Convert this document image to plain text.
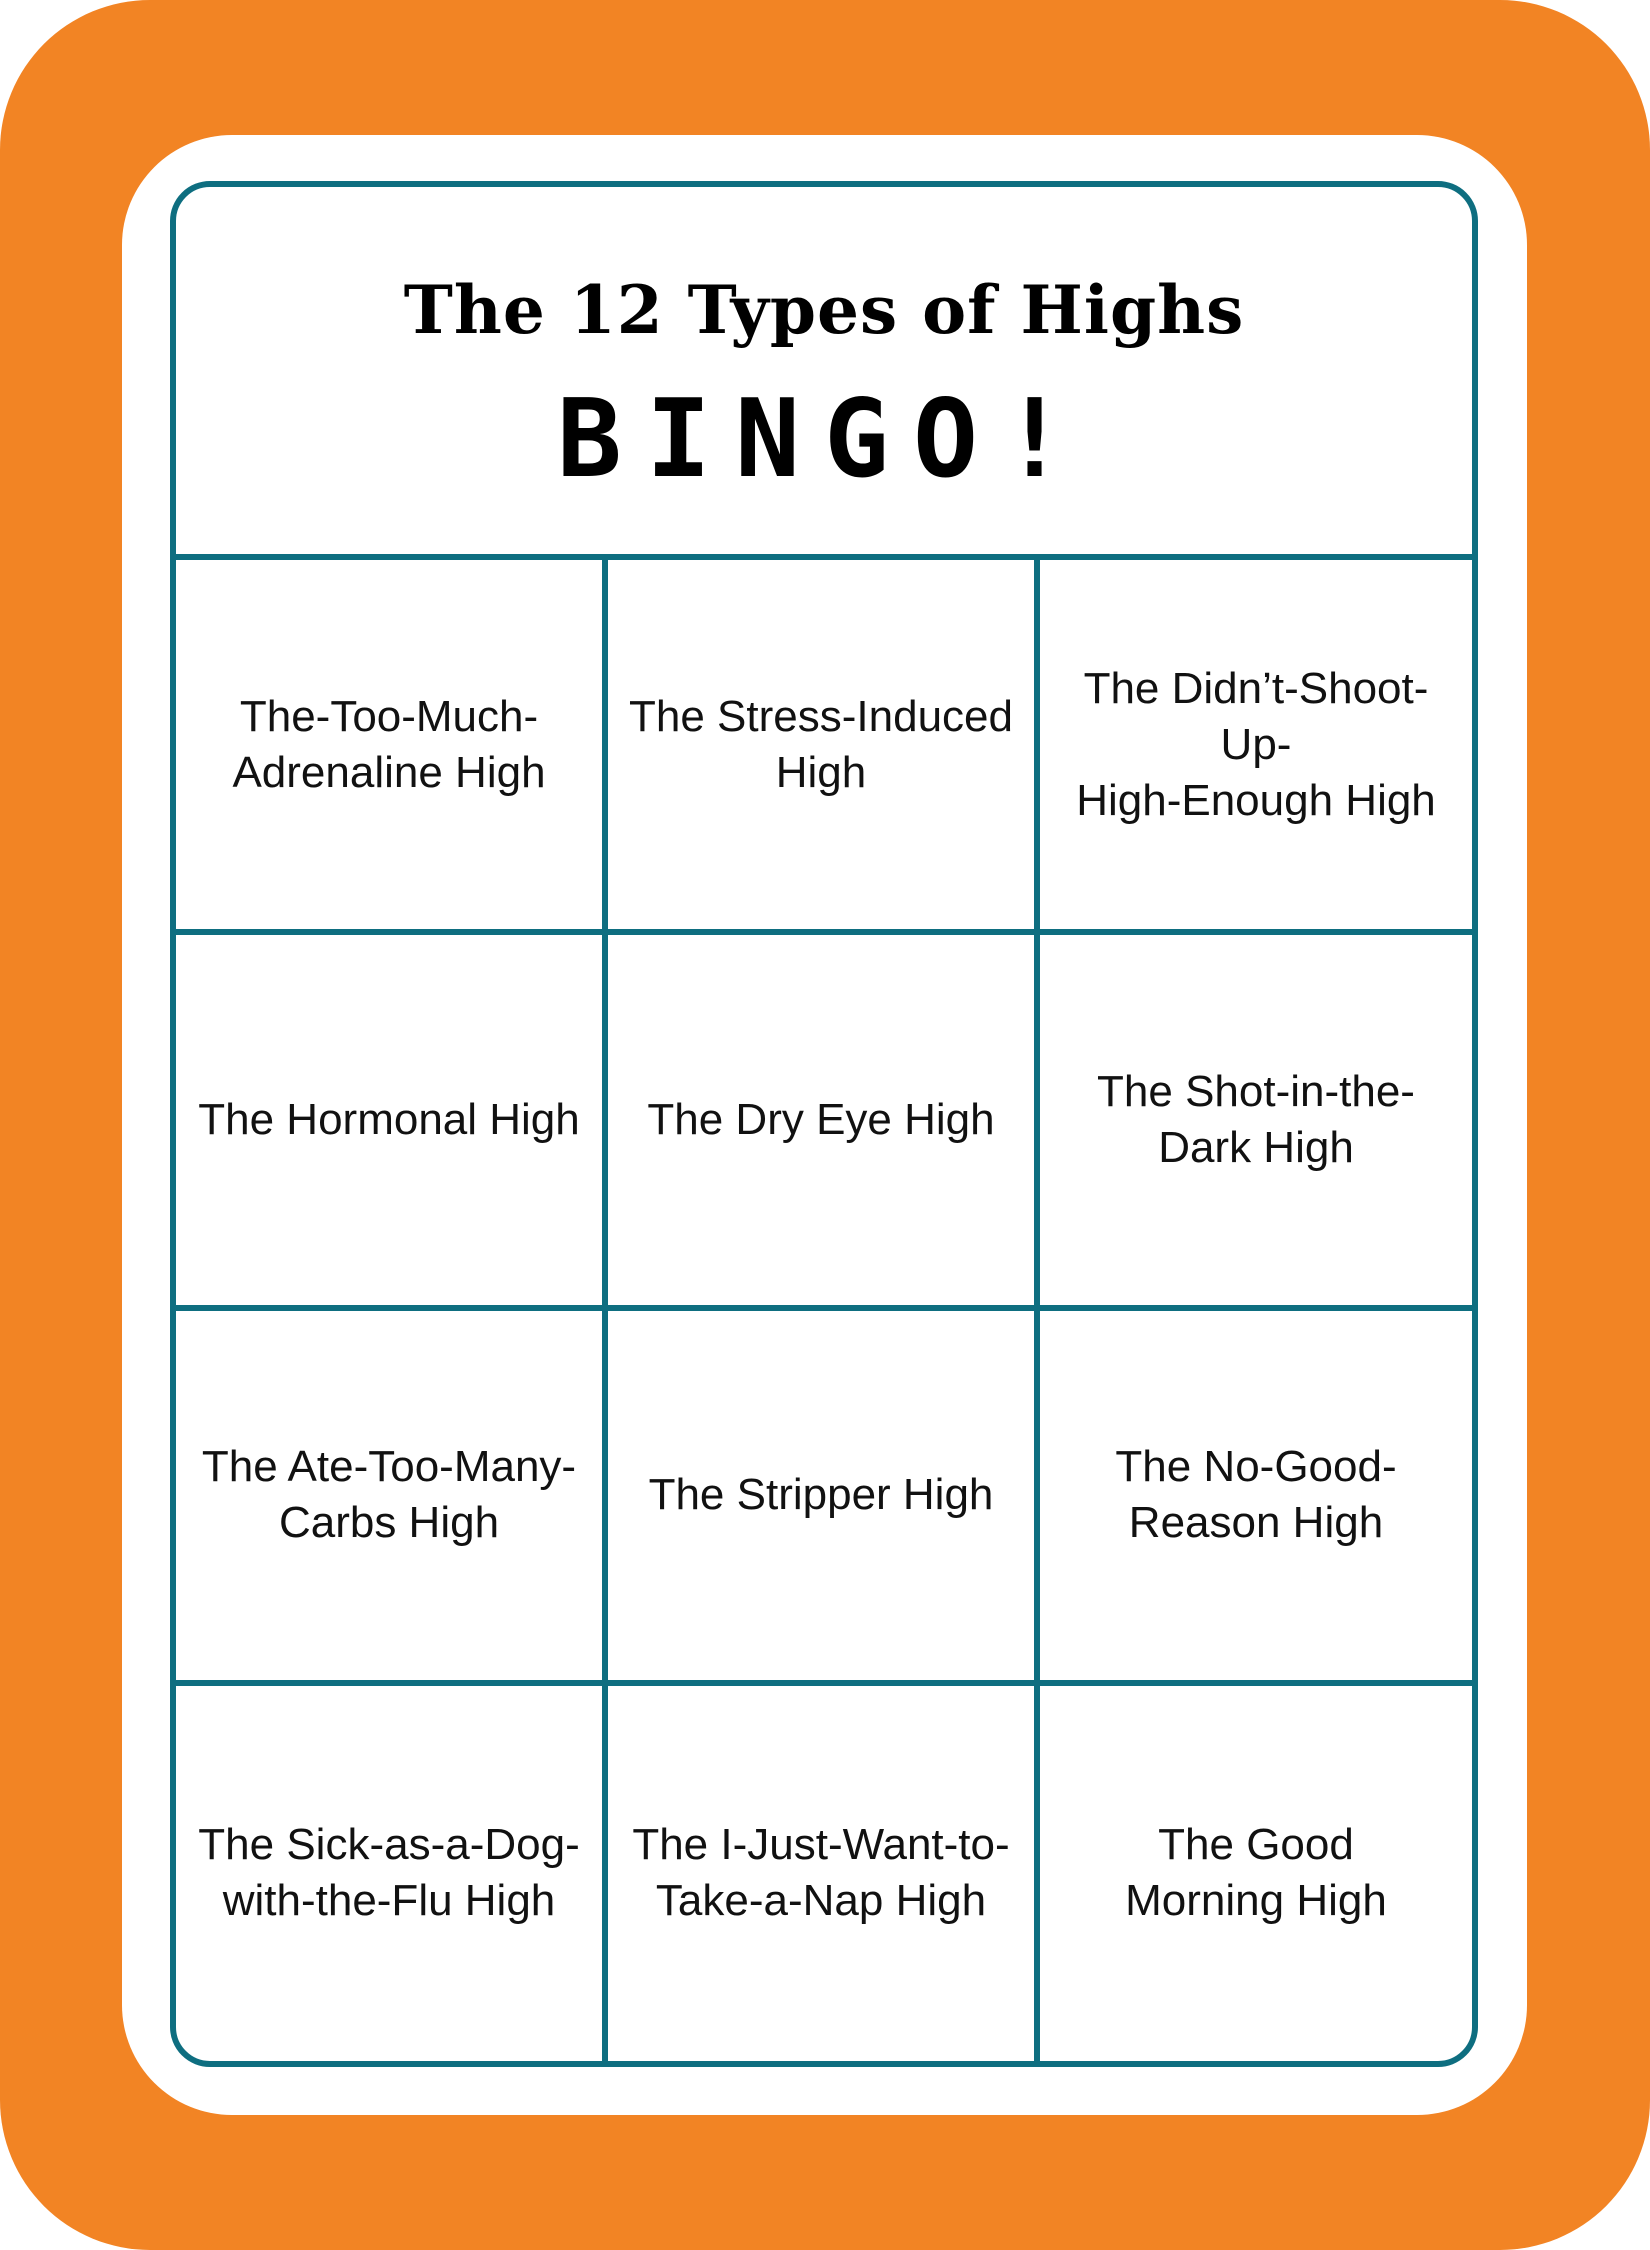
The 12 Types of Highs
BINGO!
The-Too-Much-
Adrenaline High
The Stress-Induced
High
The Didn’t-Shoot-Up-
High-Enough High
The Hormonal High The Dry Eye High
The Shot-in-the-
Dark High
The Ate-Too-Many-
Carbs High
The Stripper High
The No-Good-
Reason High
The Sick-as-a-Dog-
with-the-Flu High
The I-Just-Want-to-
Take-a-Nap High
The Good
Morning High
